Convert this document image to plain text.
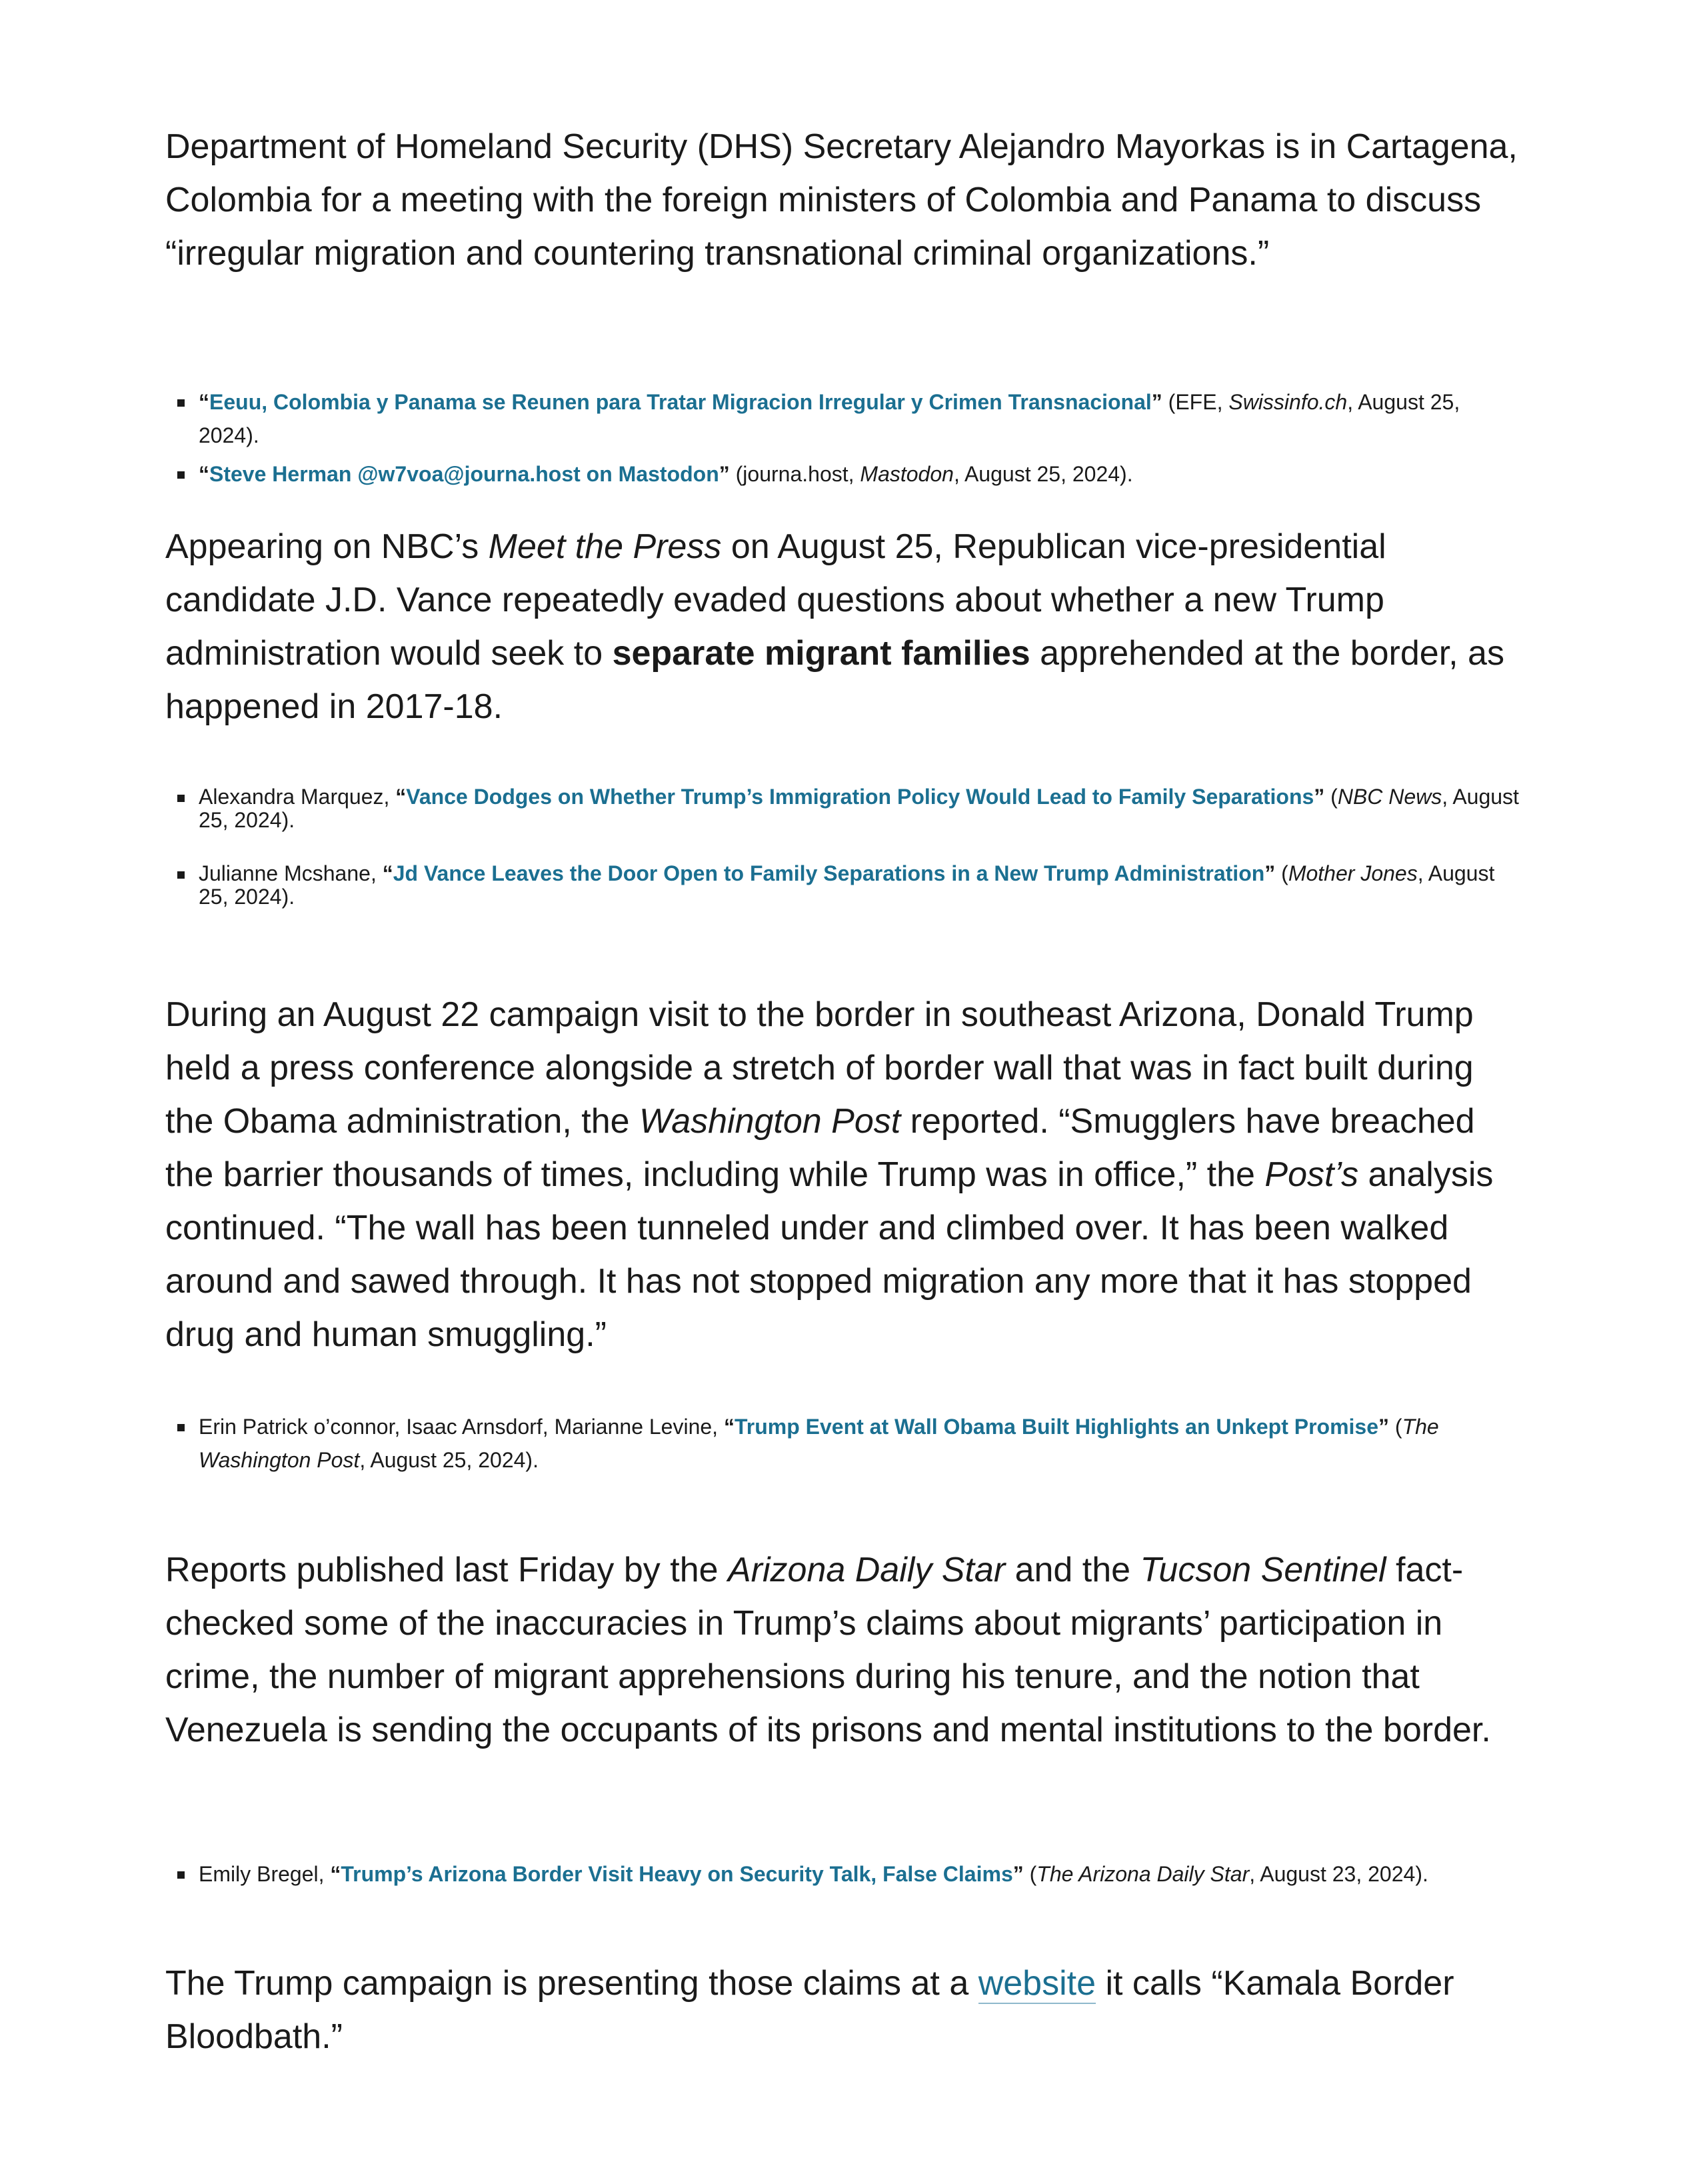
Department of Homeland Security (DHS) Secretary Alejandro Mayorkas is in Cartagena, Colombia for a meeting with the foreign ministers of Colombia and Panama to discuss “irregular migration and countering transnational criminal organizations.”

“Eeuu, Colombia y Panama se Reunen para Tratar Migracion Irregular y Crimen Transnacional” (EFE, Swissinfo.ch, August 25, 2024).
“Steve Herman @w7voa@journa.host on Mastodon” (journa.host, Mastodon, August 25, 2024).

Appearing on NBC’s Meet the Press on August 25, Republican vice-presidential candidate J.D. Vance repeatedly evaded questions about whether a new Trump administration would seek to separate migrant families apprehended at the border, as happened in 2017-18.

Alexandra Marquez, “Vance Dodges on Whether Trump’s Immigration Policy Would Lead to Family Separations” (NBC News, August 25, 2024).
Julianne Mcshane, “Jd Vance Leaves the Door Open to Family Separations in a New Trump Administration” (Mother Jones, August 25, 2024).

During an August 22 campaign visit to the border in southeast Arizona, Donald Trump held a press conference alongside a stretch of border wall that was in fact built during the Obama administration, the Washington Post reported. “Smugglers have breached the barrier thousands of times, including while Trump was in office,” the Post’s analysis continued. “The wall has been tunneled under and climbed over. It has been walked around and sawed through. It has not stopped migration any more that it has stopped drug and human smuggling.”

Erin Patrick o’connor, Isaac Arnsdorf, Marianne Levine, “Trump Event at Wall Obama Built Highlights an Unkept Promise” (The Washington Post, August 25, 2024).

Reports published last Friday by the Arizona Daily Star and the Tucson Sentinel fact-checked some of the inaccuracies in Trump’s claims about migrants’ participation in crime, the number of migrant apprehensions during his tenure, and the notion that Venezuela is sending the occupants of its prisons and mental institutions to the border.

Emily Bregel, “Trump’s Arizona Border Visit Heavy on Security Talk, False Claims” (The Arizona Daily Star, August 23, 2024).

The Trump campaign is presenting those claims at a website it calls “Kamala Border Bloodbath.”
